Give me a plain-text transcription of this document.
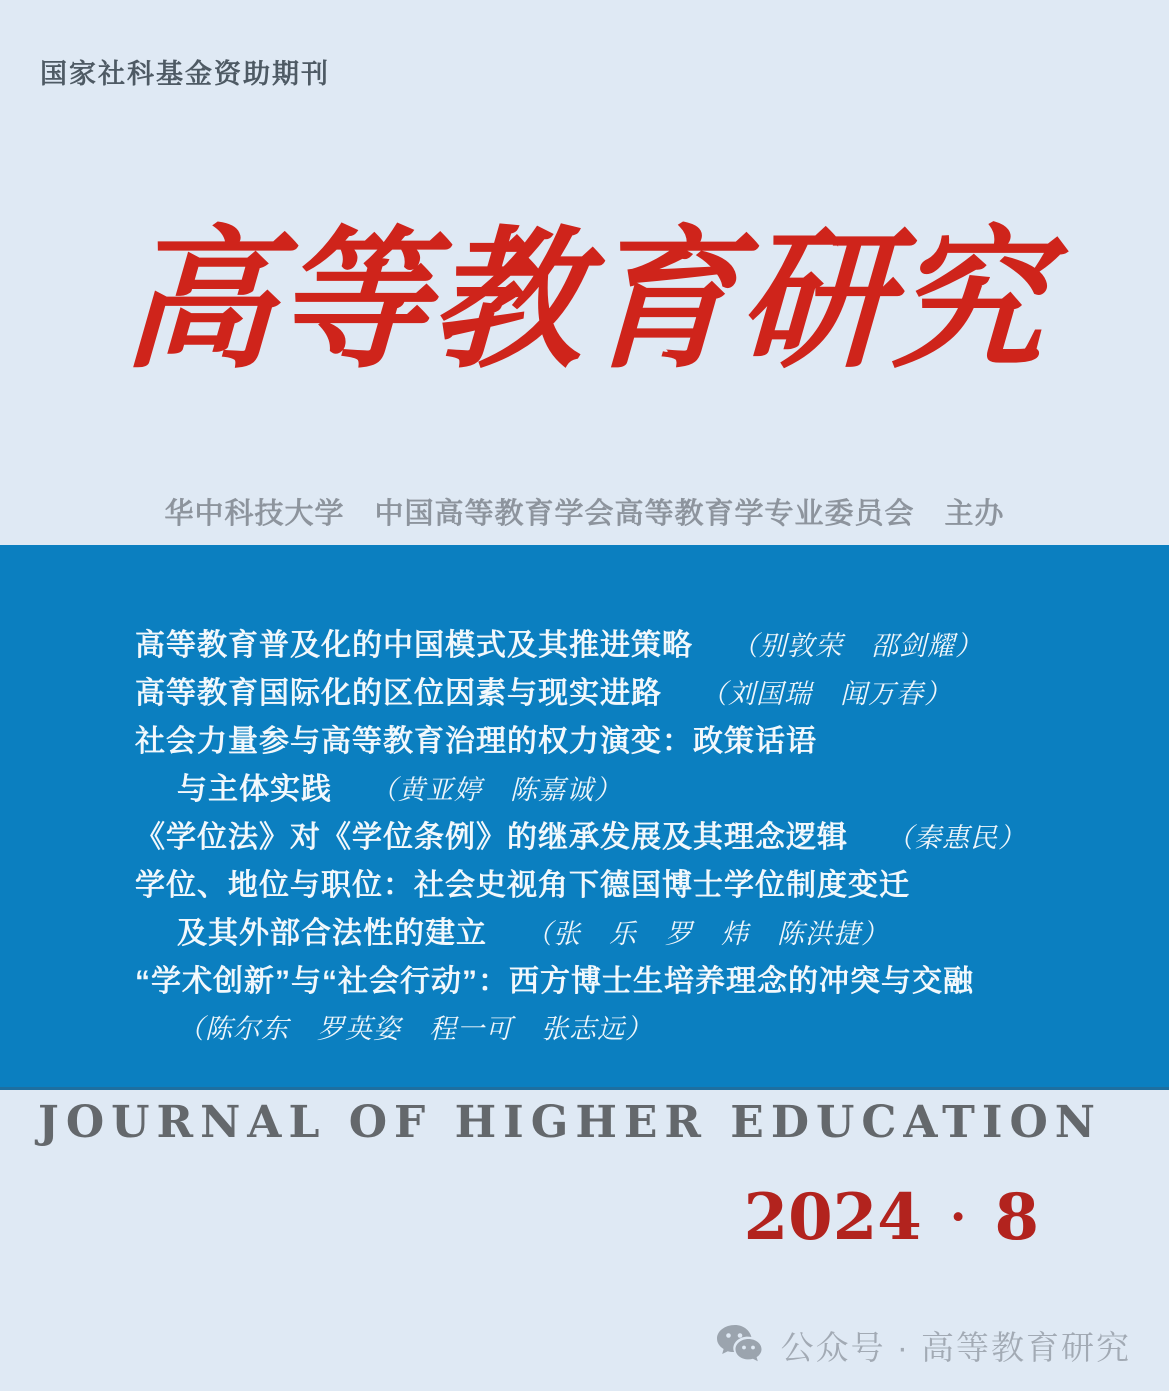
国家社科基金资助期刊
高等教育研究
华中科技大学　中国高等教育学会高等教育学专业委员会　主办
高等教育普及化的中国模式及其推进策略 （别敦荣　邵剑耀）
高等教育国际化的区位因素与现实进路 （刘国瑞　闻万春）
社会力量参与高等教育治理的权力演变：政策话语
与主体实践 （黄亚婷　陈嘉诚）
《学位法》对《学位条例》的继承发展及其理念逻辑 （秦惠民）
学位、地位与职位：社会史视角下德国博士学位制度变迁
及其外部合法性的建立 （张　乐　罗　炜　陈洪捷）
“学术创新”与“社会行动”：西方博士生培养理念的冲突与交融
（陈尔东　罗英姿　程一可　张志远）
JOURNAL OF HIGHER EDUCATION
2024 · 8
公众号 · 高等教育研究
